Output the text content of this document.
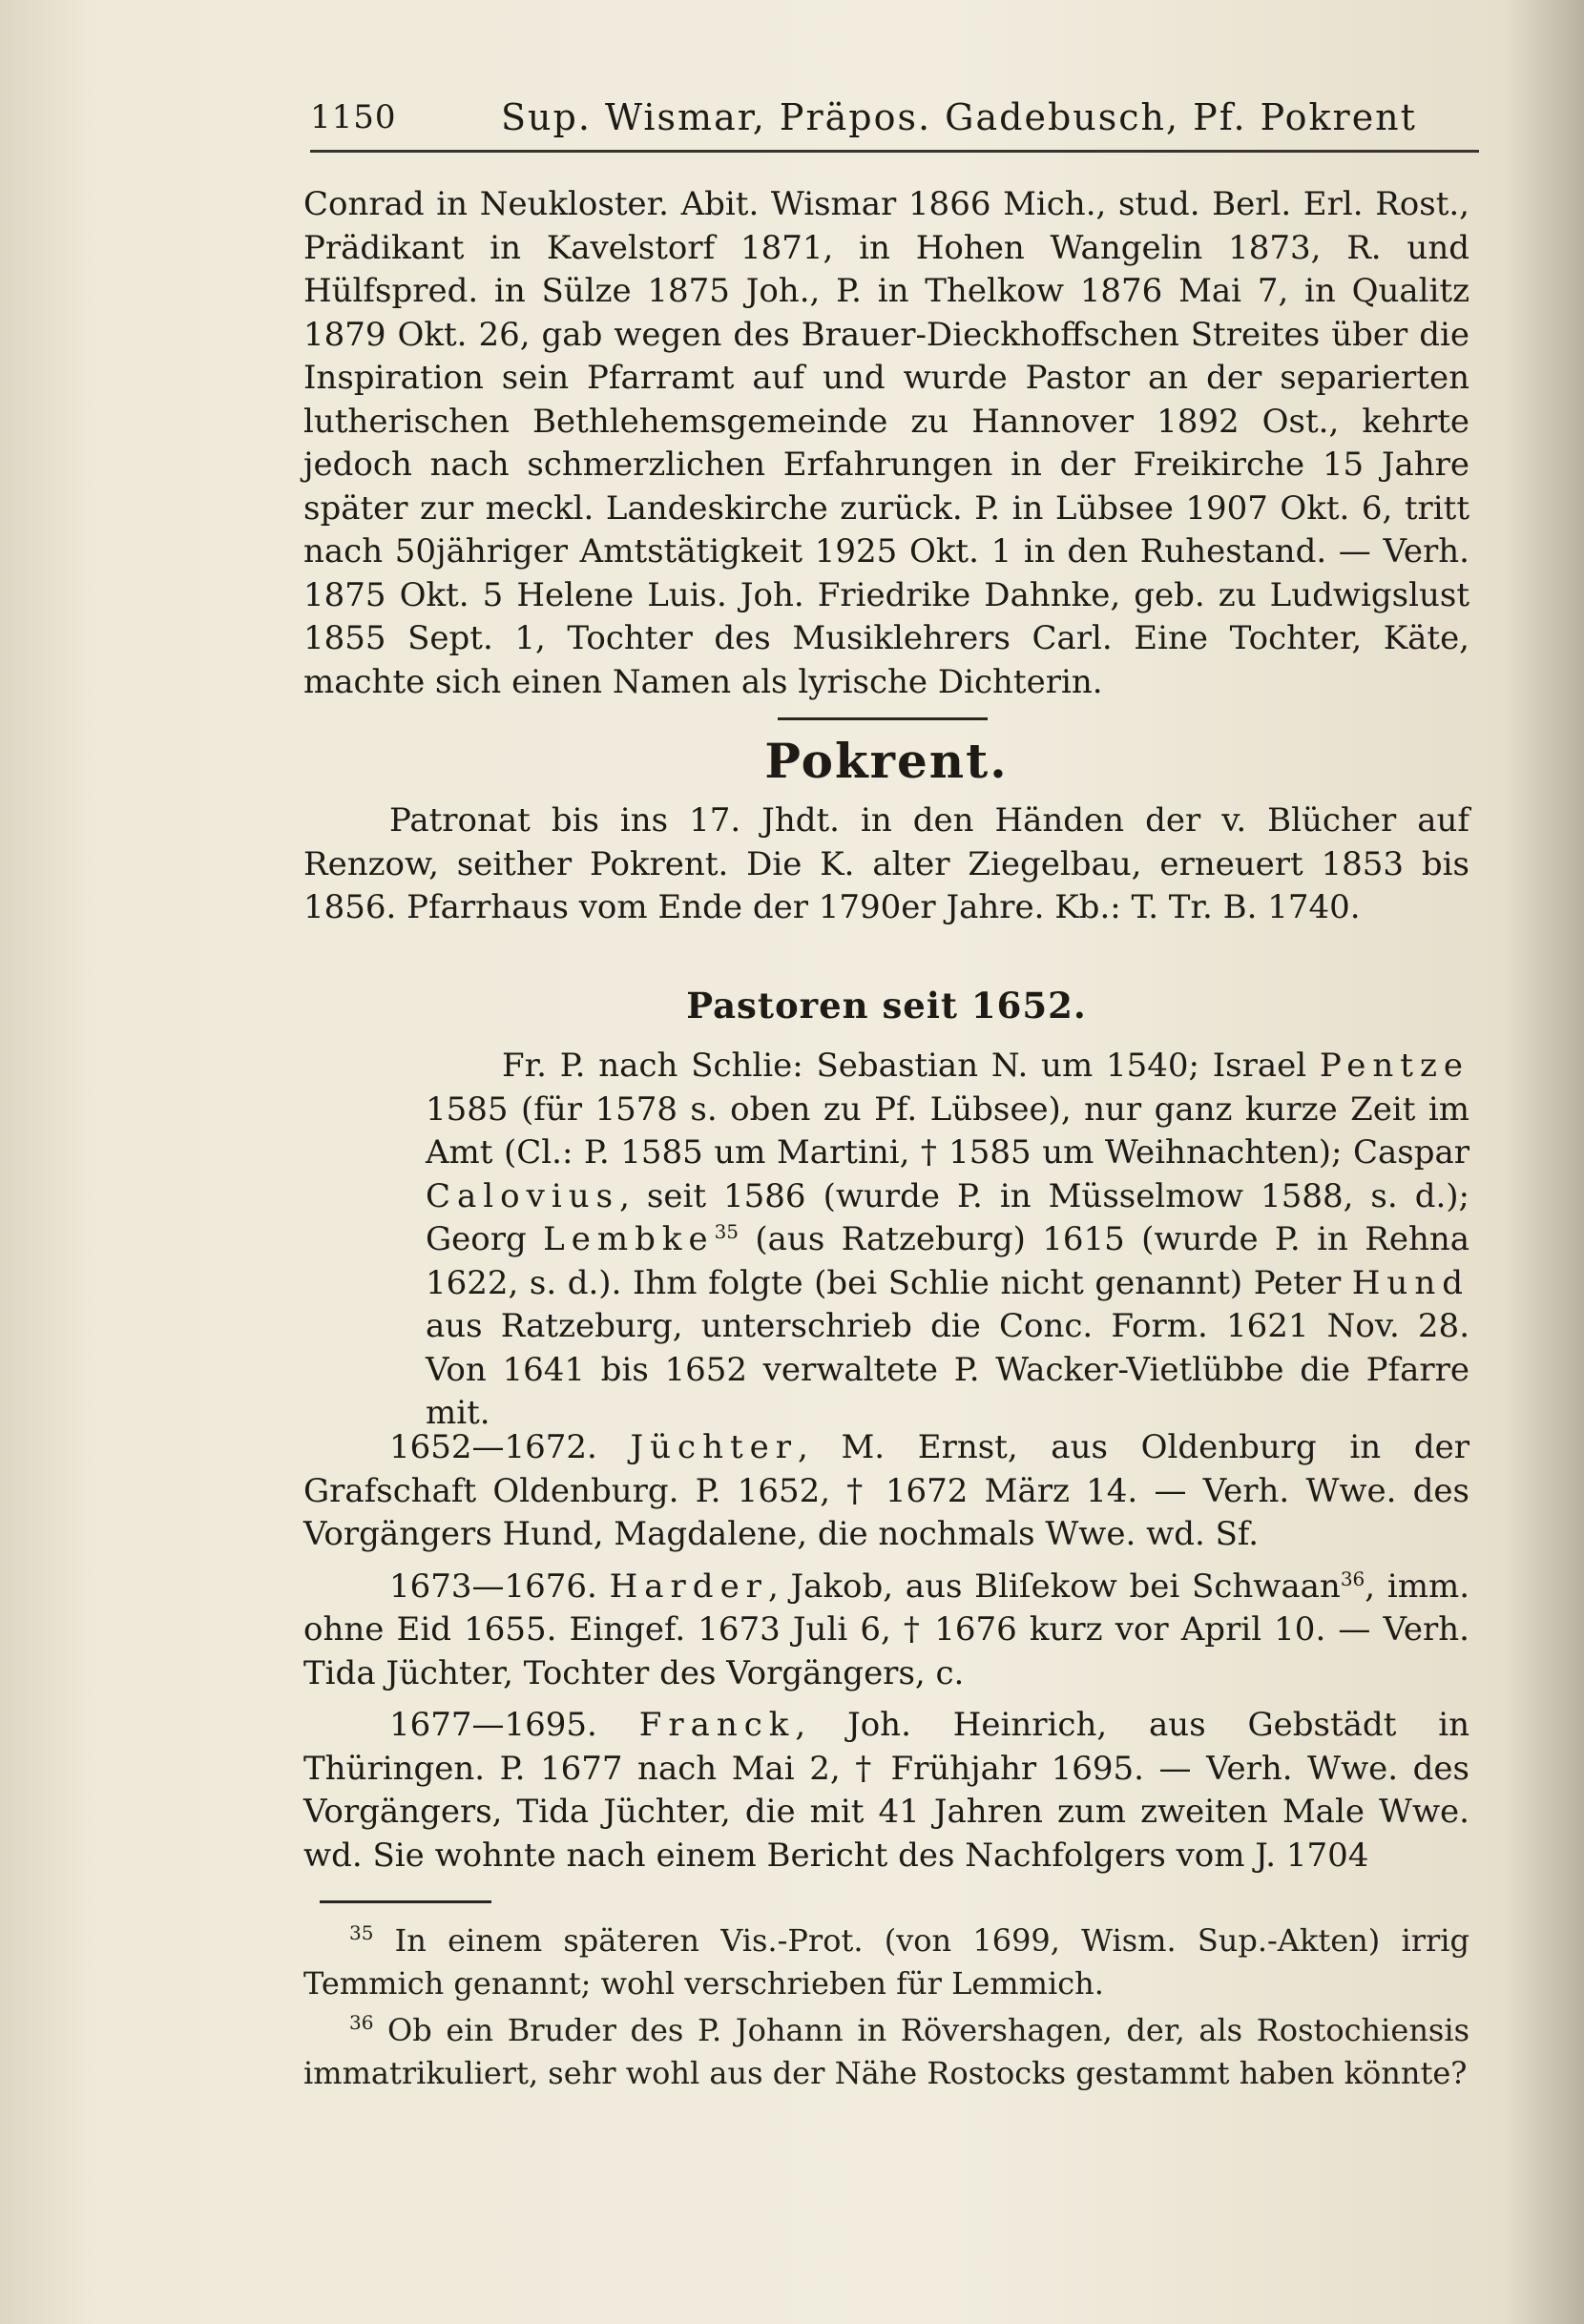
1150	Sup. Wismar, Präpos. Gadebusch, Pf. Pokrent

Conrad in Neukloster. Abit. Wismar 1866 Mich., stud. Berl. Erl. Rost., Prädikant in Kavelstorf 1871, in Hohen Wangelin 1873, R. und Hülfspred. in Sülze 1875 Joh., P. in Thelkow 1876 Mai 7, in Qualitz 1879 Okt. 26, gab wegen des Brauer-Dieckhoffschen Streites über die Inspiration sein Pfarramt auf und wurde Pastor an der separierten lutherischen Bethlehemsgemeinde zu Hannover 1892 Ost., kehrte jedoch nach schmerzlichen Erfahrungen in der Freikirche 15 Jahre später zur meckl. Landeskirche zurück. P. in Lübsee 1907 Okt. 6, tritt nach 50jähriger Amtstätigkeit 1925 Okt. 1 in den Ruhestand. — Verh. 1875 Okt. 5 Helene Luis. Joh. Friedrike Dahnke, geb. zu Ludwigslust 1855 Sept. 1, Tochter des Musiklehrers Carl. Eine Tochter, Käte, machte sich einen Namen als lyrische Dichterin.

Pokrent.

Patronat bis ins 17. Jhdt. in den Händen der v. Blücher auf Renzow, seither Pokrent. Die K. alter Ziegelbau, erneuert 1853 bis 1856. Pfarrhaus vom Ende der 1790er Jahre. Kb.: T. Tr. B. 1740.

Pastoren seit 1652.

Fr. P. nach Schlie: Sebastian N. um 1540; Israel Pentze 1585 (für 1578 s. oben zu Pf. Lübsee), nur ganz kurze Zeit im Amt (Cl.: P. 1585 um Martini, † 1585 um Weihnachten); Caspar Calovius, seit 1586 (wurde P. in Müsselmow 1588, s. d.); Georg Lembke$^{35}$ (aus Ratzeburg) 1615 (wurde P. in Rehna 1622, s. d.). Ihm folgte (bei Schlie nicht genannt) Peter Hund aus Ratzeburg, unterschrieb die Conc. Form. 1621 Nov. 28. Von 1641 bis 1652 verwaltete P. Wacker-Vietlübbe die Pfarre mit.

1652—1672. Jüchter, M. Ernst, aus Oldenburg in der Grafschaft Oldenburg. P. 1652, † 1672 März 14. — Verh. Wwe. des Vorgängers Hund, Magdalene, die nochmals Wwe. wd. Sf.

1673—1676. Harder, Jakob, aus Bliſekow bei Schwaan$^{36}$, imm. ohne Eid 1655. Eingef. 1673 Juli 6, † 1676 kurz vor April 10. — Verh. Tida Jüchter, Tochter des Vorgängers, c.

1677—1695. Franck, Joh. Heinrich, aus Gebstädt in Thüringen. P. 1677 nach Mai 2, † Frühjahr 1695. — Verh. Wwe. des Vorgängers, Tida Jüchter, die mit 41 Jahren zum zweiten Male Wwe. wd. Sie wohnte nach einem Bericht des Nachfolgers vom J. 1704

$^{35}$ In einem späteren Vis.-Prot. (von 1699, Wism. Sup.-Akten) irrig Temmich genannt; wohl verschrieben für Lemmich.

$^{36}$ Ob ein Bruder des P. Johann in Rövershagen, der, als Rostochiensis immatrikuliert, sehr wohl aus der Nähe Rostocks gestammt haben könnte?
